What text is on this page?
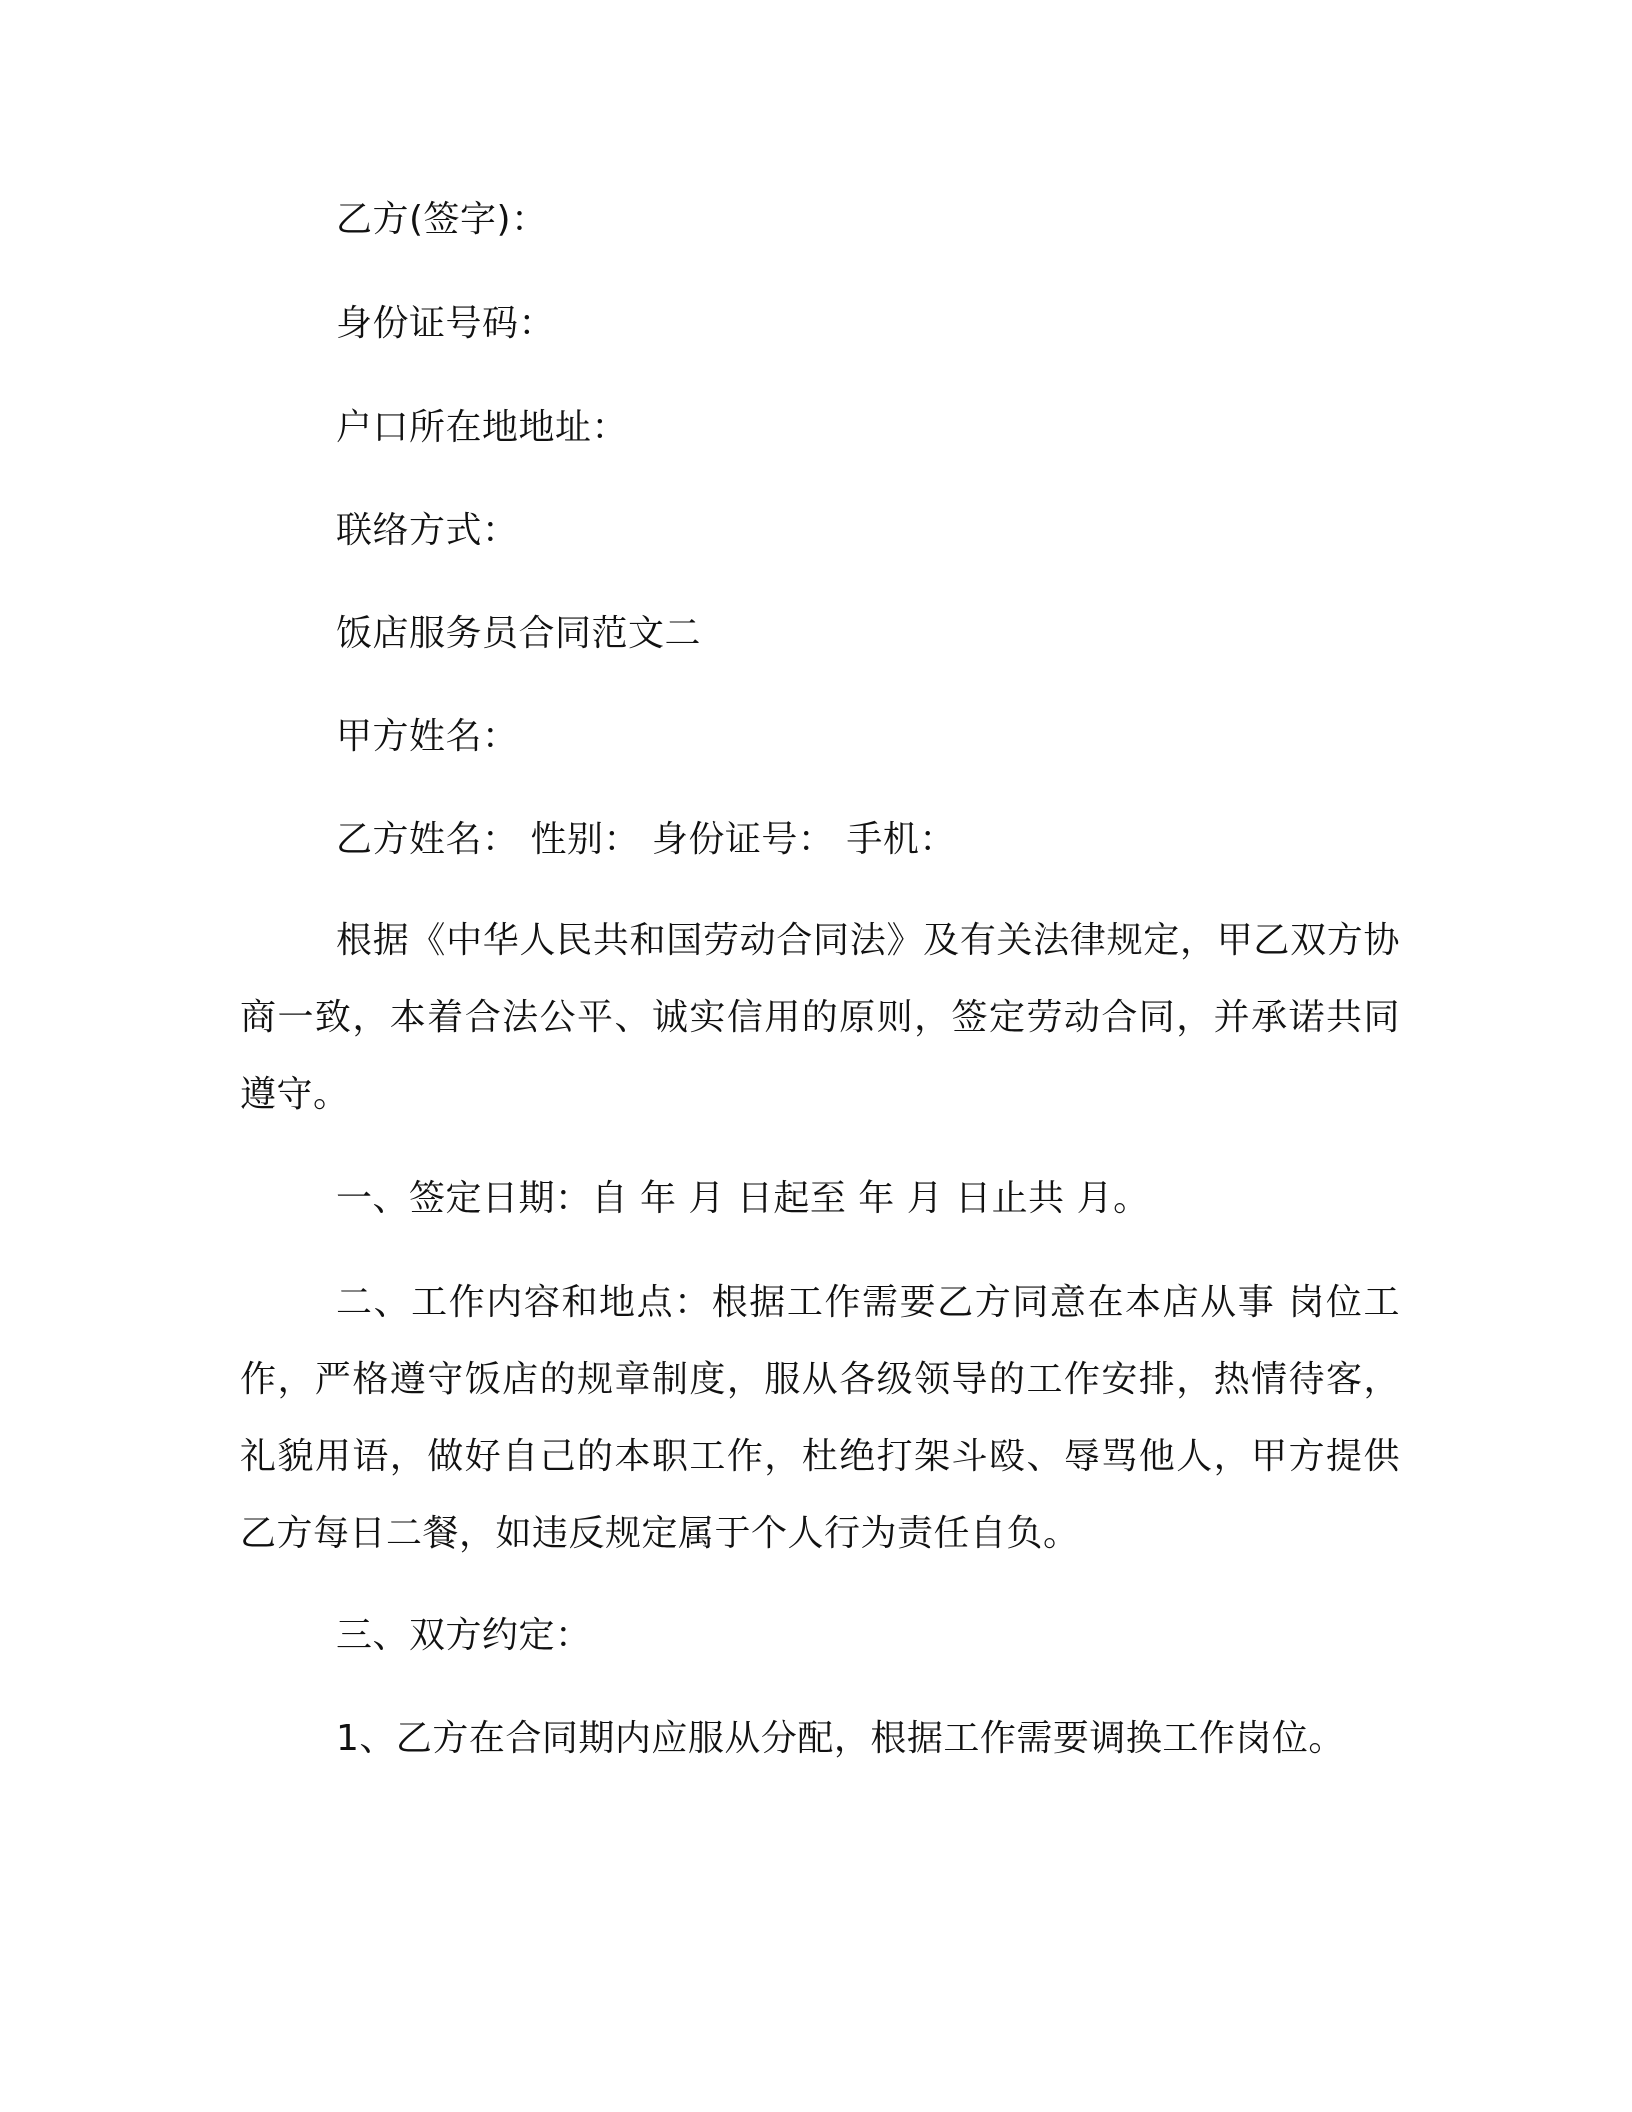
乙方(签字)：

身份证号码：

户口所在地地址：

联络方式：

饭店服务员合同范文二

甲方姓名：

乙方姓名： 性别： 身份证号： 手机：

根据《中华人民共和国劳动合同法》及有关法律规定，甲乙双方协商一致，本着合法公平、诚实信用的原则，签定劳动合同，并承诺共同遵守。

一、签定日期：自 年 月 日起至 年 月 日止共 月。

二、工作内容和地点：根据工作需要乙方同意在本店从事 岗位工作，严格遵守饭店的规章制度，服从各级领导的工作安排，热情待客，礼貌用语，做好自己的本职工作，杜绝打架斗殴、辱骂他人，甲方提供乙方每日二餐，如违反规定属于个人行为责任自负。

三、双方约定：

1、乙方在合同期内应服从分配，根据工作需要调换工作岗位。
